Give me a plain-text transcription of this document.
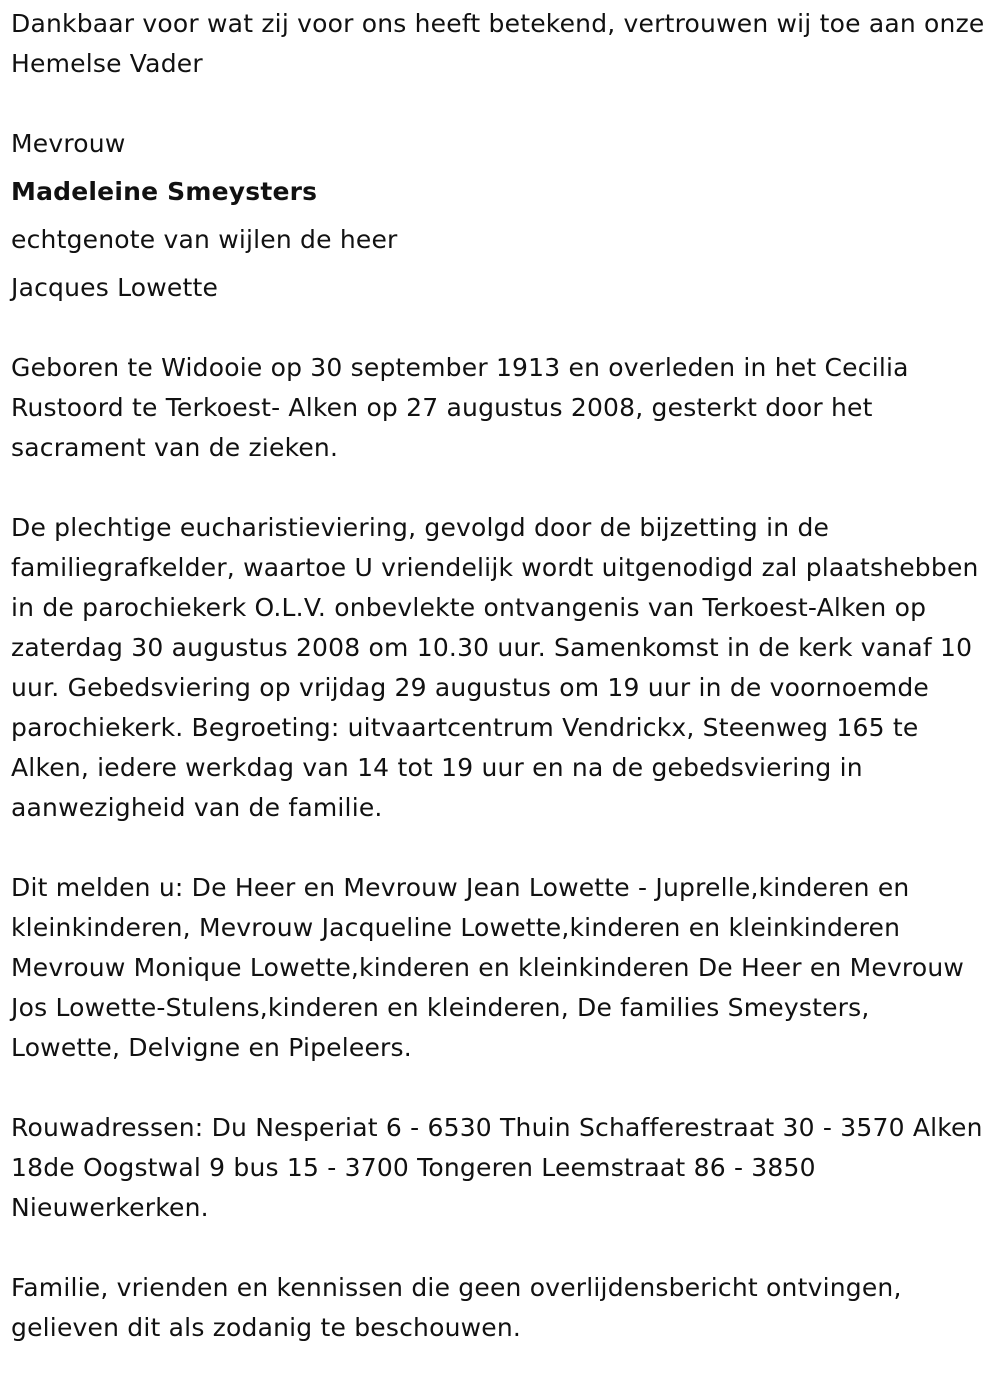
Dankbaar voor wat zij voor ons heeft betekend, vertrouwen wij toe aan onze Hemelse Vader

Mevrouw

Madeleine Smeysters

echtgenote van wijlen de heer

Jacques Lowette

Geboren te Widooie op 30 september 1913 en overleden in het Cecilia Rustoord te Terkoest- Alken op 27 augustus 2008, gesterkt door het sacrament van de zieken.

De plechtige eucharistieviering, gevolgd door de bijzetting in de familiegrafkelder, waartoe U vriendelijk wordt uitgenodigd zal plaatshebben in de parochiekerk O.L.V. onbevlekte ontvangenis van Terkoest-Alken op zaterdag 30 augustus 2008 om 10.30 uur. Samenkomst in de kerk vanaf 10 uur. Gebedsviering op vrijdag 29 augustus om 19 uur in de voornoemde parochiekerk. Begroeting: uitvaartcentrum Vendrickx, Steenweg 165 te Alken, iedere werkdag van 14 tot 19 uur en na de gebedsviering in aanwezigheid van de familie.

Dit melden u: De Heer en Mevrouw Jean Lowette - Juprelle,kinderen en kleinkinderen, Mevrouw Jacqueline Lowette,kinderen en kleinkinderen Mevrouw Monique Lowette,kinderen en kleinkinderen De Heer en Mevrouw Jos Lowette-Stulens,kinderen en kleinderen, De families Smeysters, Lowette, Delvigne en Pipeleers.

Rouwadressen: Du Nesperiat 6 - 6530 Thuin Schafferestraat 30 - 3570 Alken 18de Oogstwal 9 bus 15 - 3700 Tongeren Leemstraat 86 - 3850 Nieuwerkerken.

Familie, vrienden en kennissen die geen overlijdensbericht ontvingen, gelieven dit als zodanig te beschouwen.
